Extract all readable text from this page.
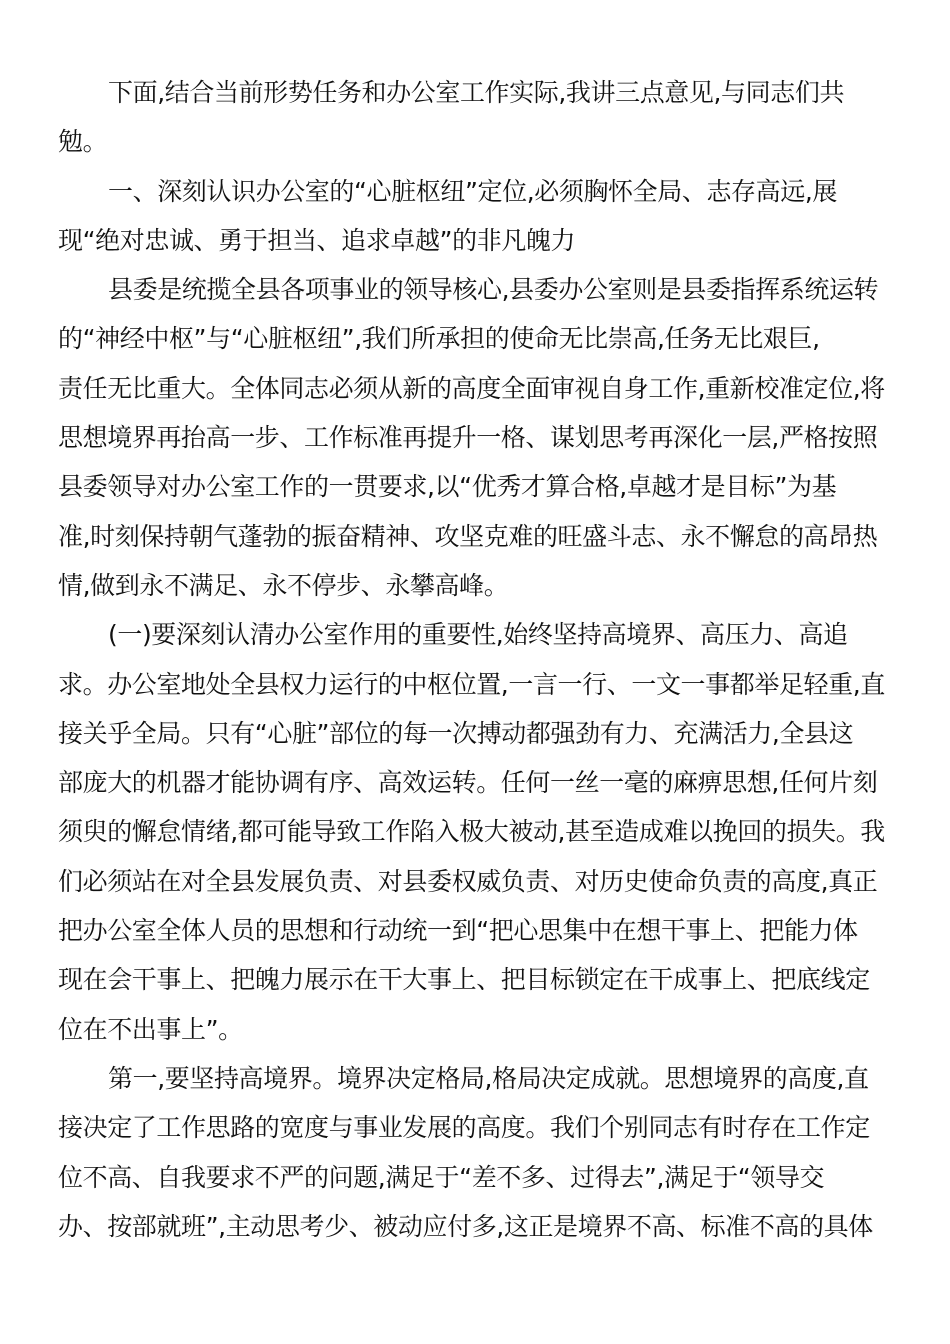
下面,结合当前形势任务和办公室工作实际,我讲三点意见,与同志们共
勉。
一、深刻认识办公室的“心脏枢纽”定位,必须胸怀全局、志存高远,展
现“绝对忠诚、勇于担当、追求卓越”的非凡魄力
县委是统揽全县各项事业的领导核心,县委办公室则是县委指挥系统运转
的“神经中枢”与“心脏枢纽”,我们所承担的使命无比崇高,任务无比艰巨,
责任无比重大。全体同志必须从新的高度全面审视自身工作,重新校准定位,将
思想境界再抬高一步、工作标准再提升一格、谋划思考再深化一层,严格按照
县委领导对办公室工作的一贯要求,以“优秀才算合格,卓越才是目标”为基
准,时刻保持朝气蓬勃的振奋精神、攻坚克难的旺盛斗志、永不懈怠的高昂热
情,做到永不满足、永不停步、永攀高峰。
(一)要深刻认清办公室作用的重要性,始终坚持高境界、高压力、高追
求。办公室地处全县权力运行的中枢位置,一言一行、一文一事都举足轻重,直
接关乎全局。只有“心脏”部位的每一次搏动都强劲有力、充满活力,全县这
部庞大的机器才能协调有序、高效运转。任何一丝一毫的麻痹思想,任何片刻
须臾的懈怠情绪,都可能导致工作陷入极大被动,甚至造成难以挽回的损失。我
们必须站在对全县发展负责、对县委权威负责、对历史使命负责的高度,真正
把办公室全体人员的思想和行动统一到“把心思集中在想干事上、把能力体
现在会干事上、把魄力展示在干大事上、把目标锁定在干成事上、把底线定
位在不出事上”。
第一,要坚持高境界。境界决定格局,格局决定成就。思想境界的高度,直
接决定了工作思路的宽度与事业发展的高度。我们个别同志有时存在工作定
位不高、自我要求不严的问题,满足于“差不多、过得去”,满足于“领导交
办、按部就班”,主动思考少、被动应付多,这正是境界不高、标准不高的具体
